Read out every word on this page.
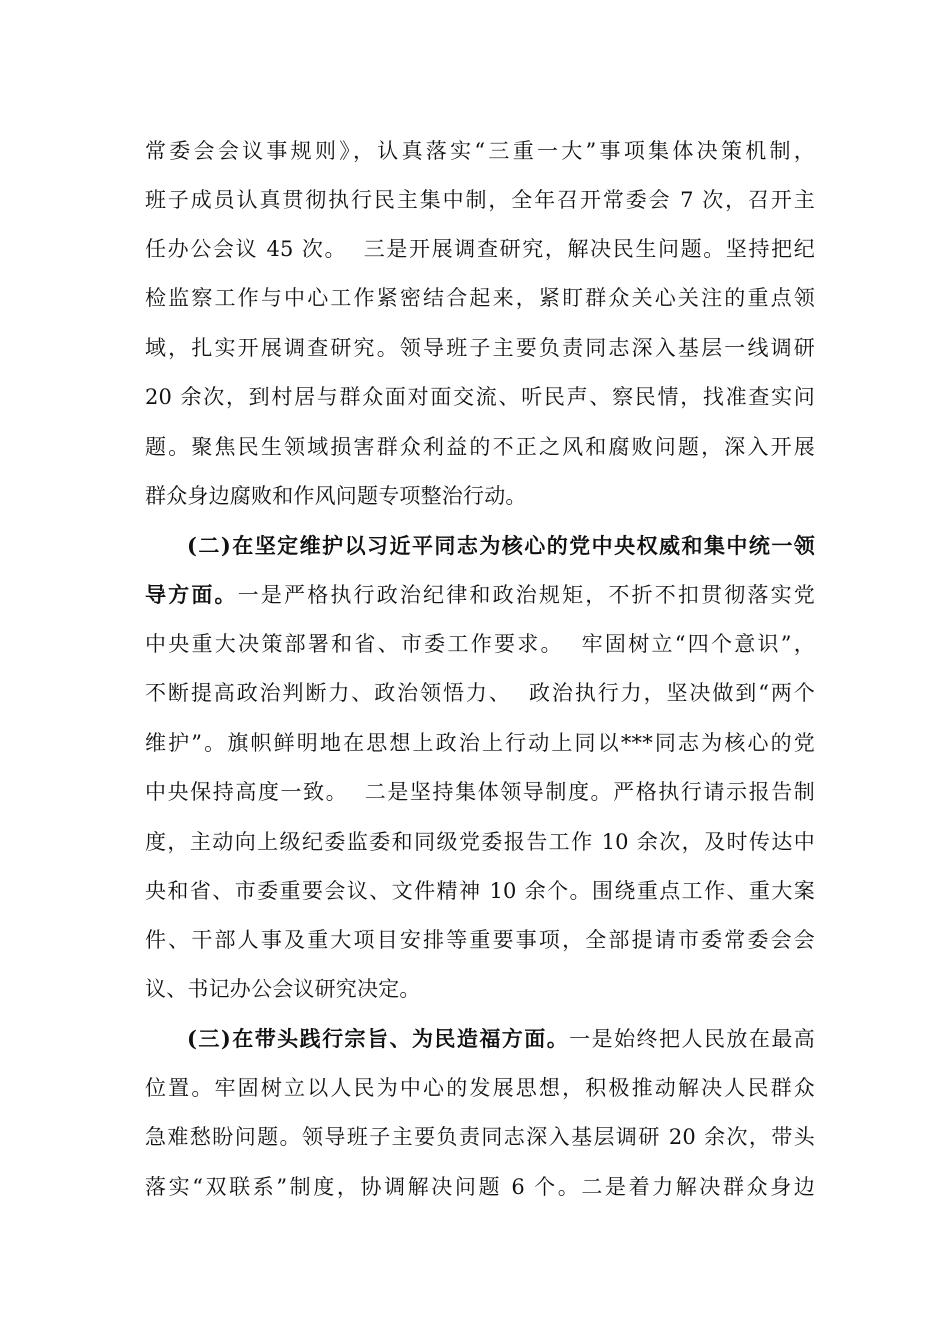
常委会会议事规则》，认真落实“三重一大”事项集体决策机制，
班子成员认真贯彻执行民主集中制，全年召开常委会 7 次，召开主
任办公会议 45 次。  三是开展调查研究，解决民生问题。坚持把纪
检监察工作与中心工作紧密结合起来，紧盯群众关心关注的重点领
域，扎实开展调查研究。领导班子主要负责同志深入基层一线调研
20 余次，到村居与群众面对面交流、听民声、察民情，找准查实问
题。聚焦民生领域损害群众利益的不正之风和腐败问题，深入开展
群众身边腐败和作风问题专项整治行动。
(二)在坚定维护以习近平同志为核心的党中央权威和集中统一领
导方面。一是严格执行政治纪律和政治规矩，不折不扣贯彻落实党
中央重大决策部署和省、市委工作要求。  牢固树立“四个意识”，
不断提高政治判断力、政治领悟力、  政治执行力，坚决做到“两个
维护”。旗帜鲜明地在思想上政治上行动上同以***同志为核心的党
中央保持高度一致。  二是坚持集体领导制度。严格执行请示报告制
度，主动向上级纪委监委和同级党委报告工作 10 余次，及时传达中
央和省、市委重要会议、文件精神 10 余个。围绕重点工作、重大案
件、干部人事及重大项目安排等重要事项，全部提请市委常委会会
议、书记办公会议研究决定。
(三)在带头践行宗旨、为民造福方面。一是始终把人民放在最高
位置。牢固树立以人民为中心的发展思想，积极推动解决人民群众
急难愁盼问题。领导班子主要负责同志深入基层调研 20 余次，带头
落实“双联系”制度，协调解决问题 6 个。二是着力解决群众身边
